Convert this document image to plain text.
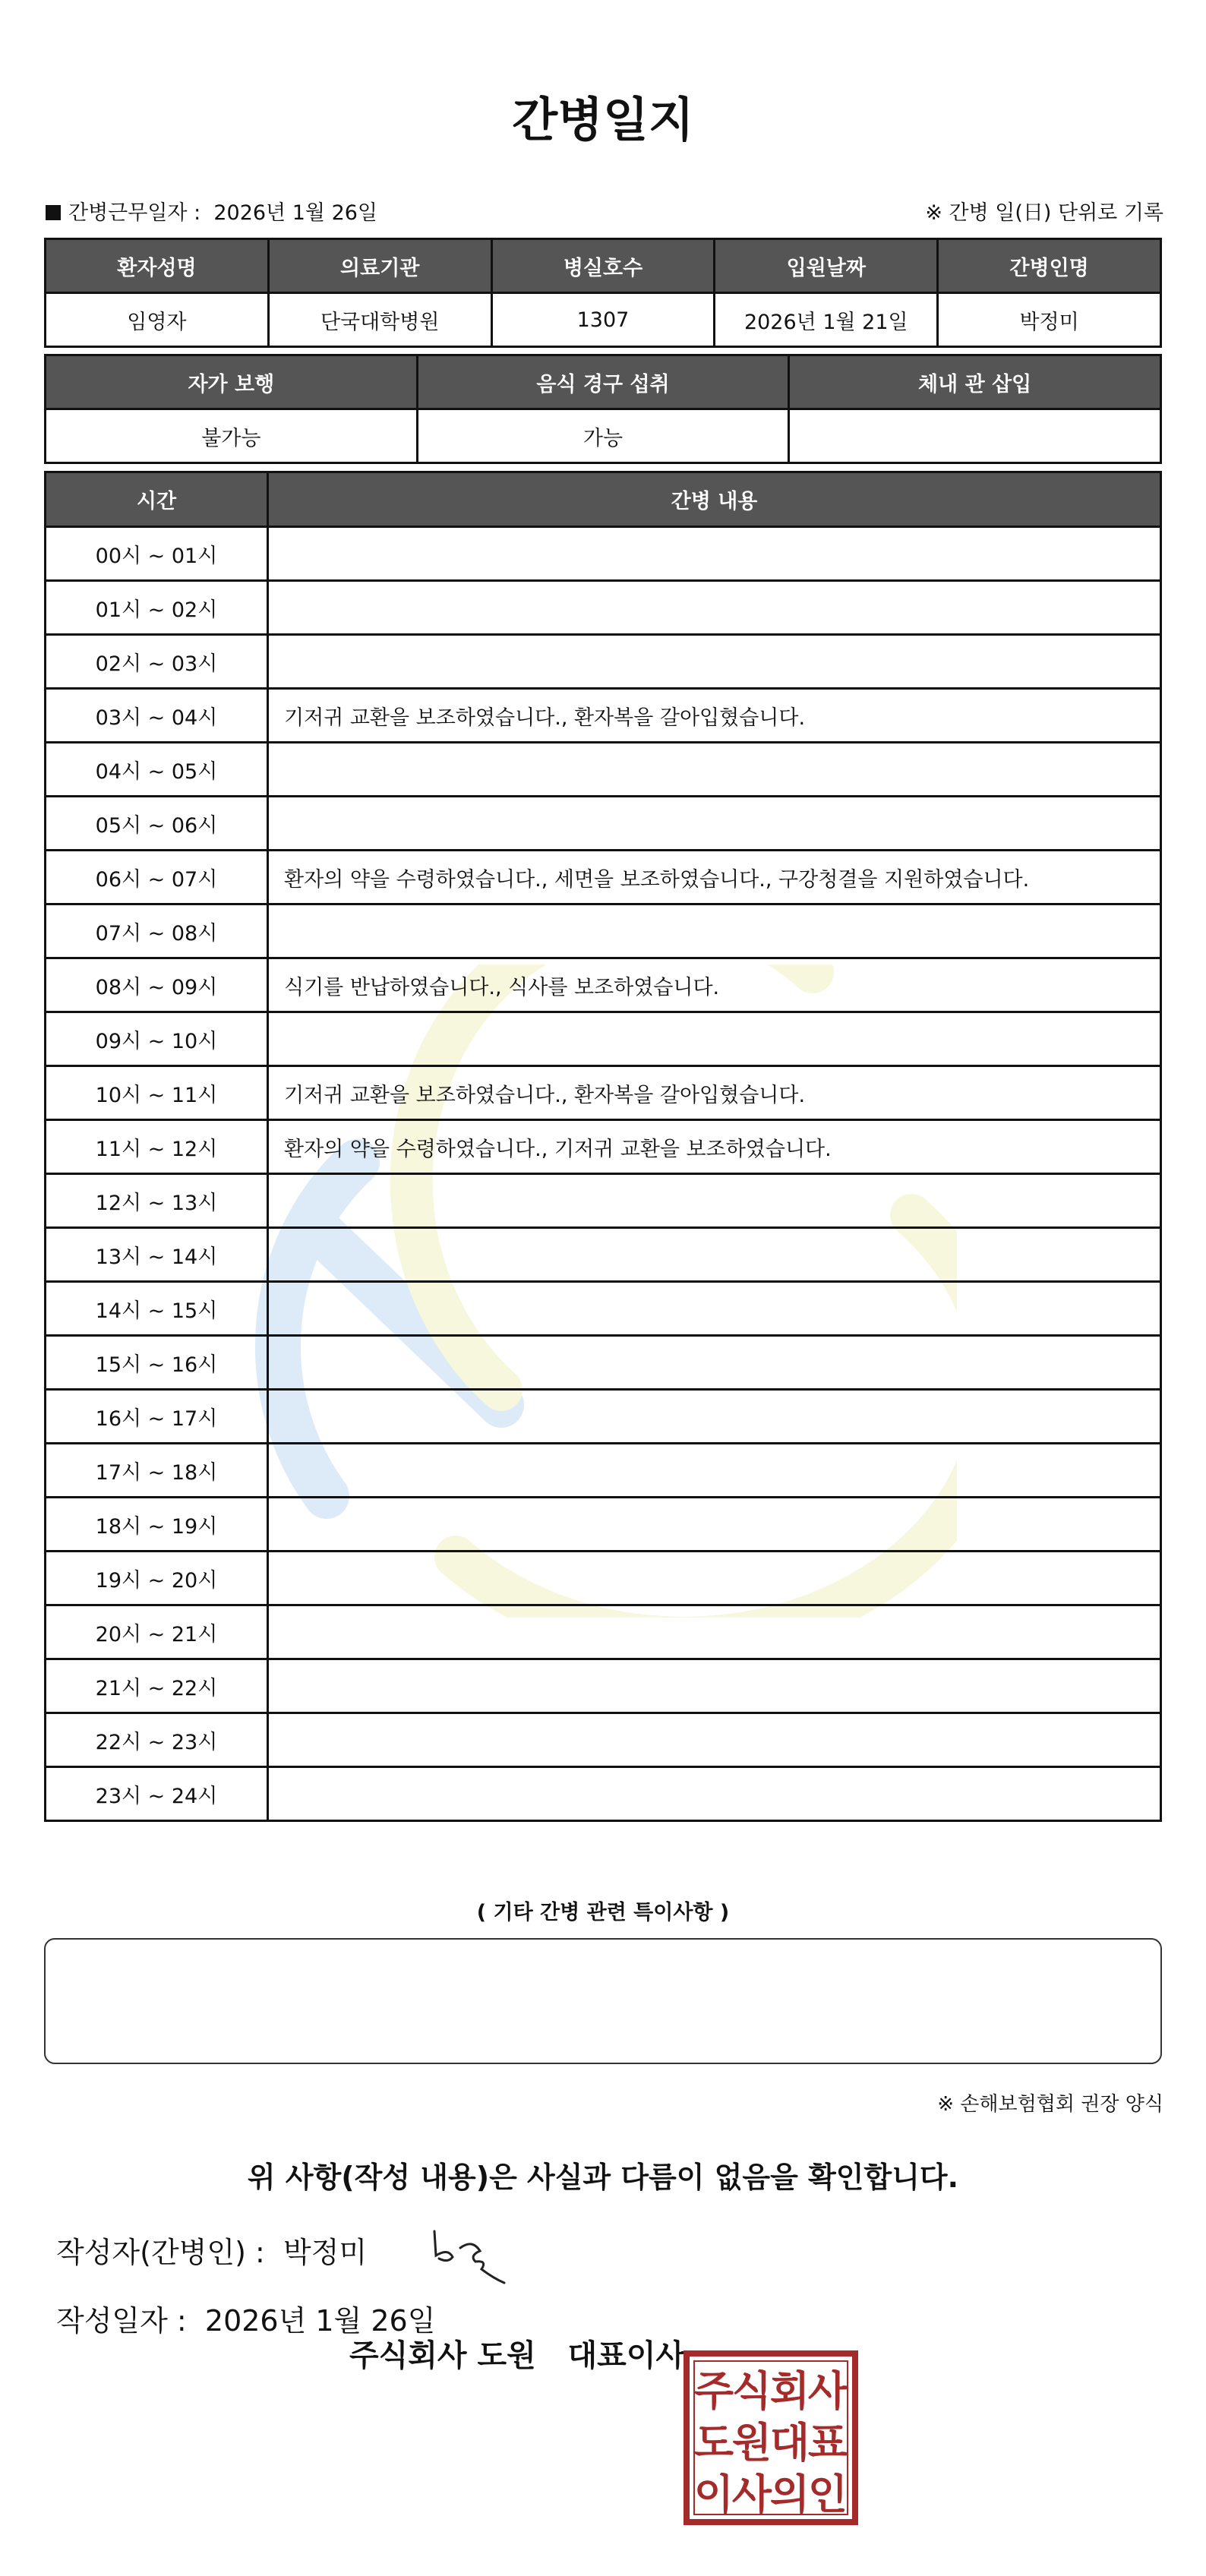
간병일지
간병근무일자 : 2026년 1월 26일	※ 간병 일(日) 단위로 기록
환자성명	의료기관	병실호수	입원날짜	간병인명
임영자	단국대학병원	1307	2026년 1월 21일	박정미
자가 보행	음식 경구 섭취	체내 관 삽입
불가능	가능	
시간	간병 내용
00시 ~ 01시	
01시 ~ 02시	
02시 ~ 03시	
03시 ~ 04시	기저귀 교환을 보조하였습니다., 환자복을 갈아입혔습니다.
04시 ~ 05시	
05시 ~ 06시	
06시 ~ 07시	환자의 약을 수령하였습니다., 세면을 보조하였습니다., 구강청결을 지원하였습니다.
07시 ~ 08시	
08시 ~ 09시	식기를 반납하였습니다., 식사를 보조하였습니다.
09시 ~ 10시	
10시 ~ 11시	기저귀 교환을 보조하였습니다., 환자복을 갈아입혔습니다.
11시 ~ 12시	환자의 약을 수령하였습니다., 기저귀 교환을 보조하였습니다.
12시 ~ 13시	
13시 ~ 14시	
14시 ~ 15시	
15시 ~ 16시	
16시 ~ 17시	
17시 ~ 18시	
18시 ~ 19시	
19시 ~ 20시	
20시 ~ 21시	
21시 ~ 22시	
22시 ~ 23시	
23시 ~ 24시	
( 기타 간병 관련 특이사항 )
※ 손해보험협회 권장 양식
위 사항(작성 내용)은 사실과 다름이 없음을 확인합니다.
작성자(간병인) : 박정미
작성일자 : 2026년 1월 26일
주식회사 도원 대표이사
주
식
회
사
도
원
대
표
이
사
의
인
